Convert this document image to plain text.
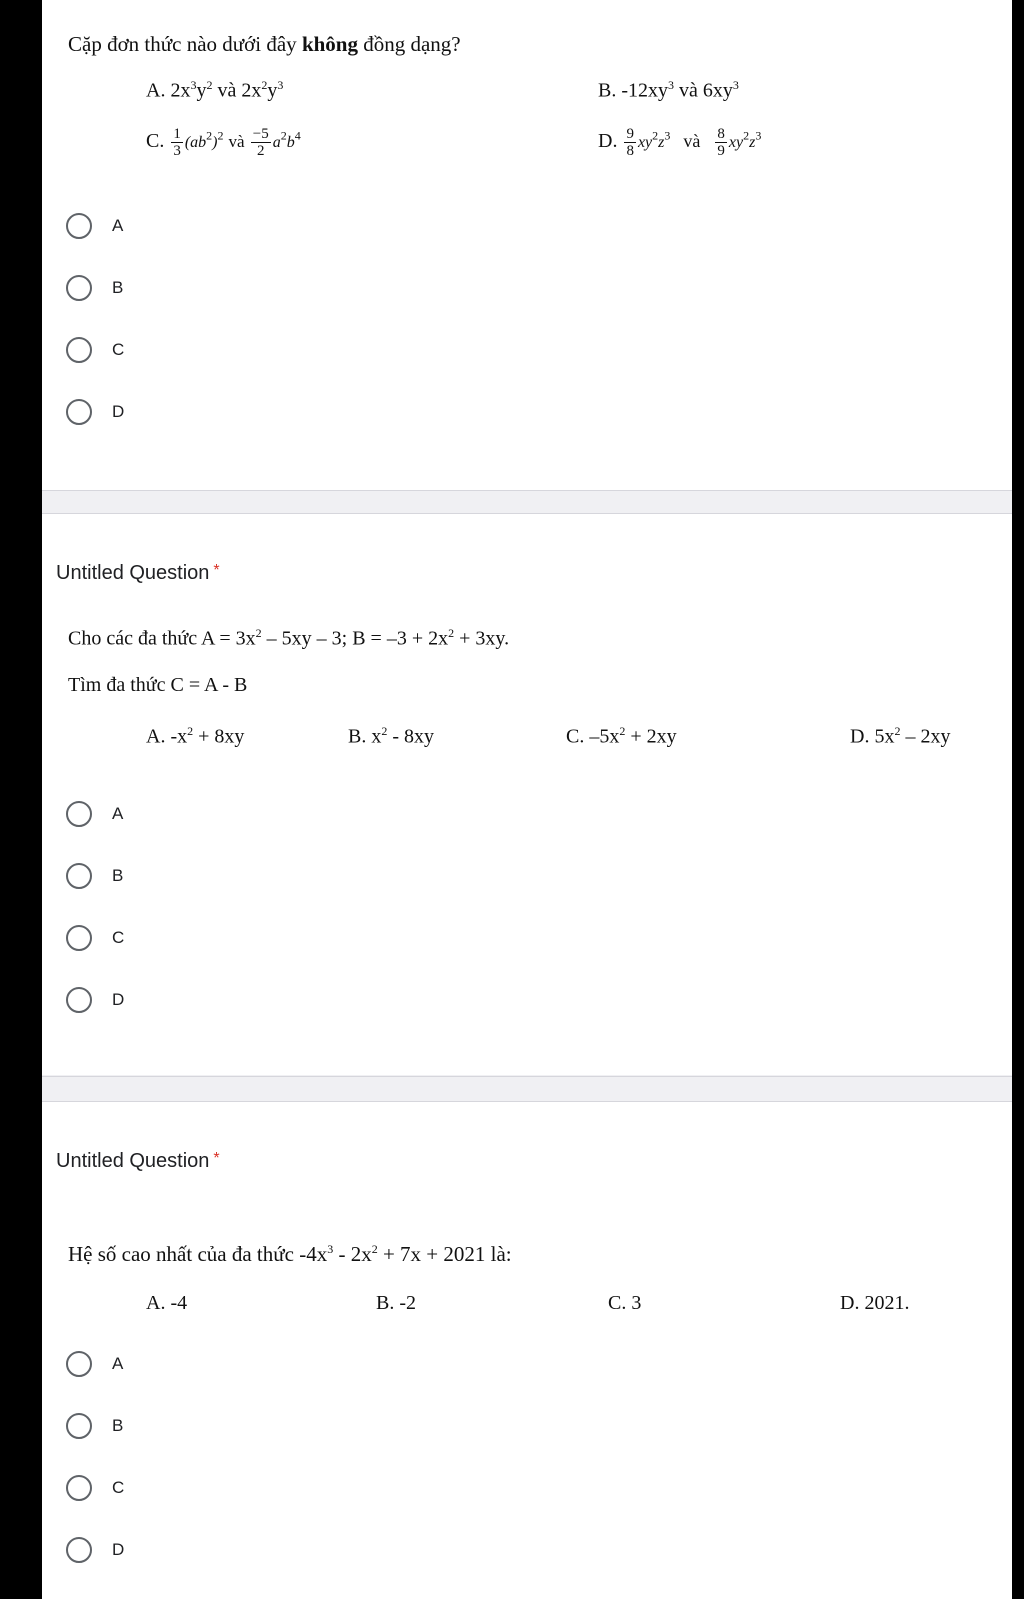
Cặp đơn thức nào dưới đây không đồng dạng?
A. $2x^3y^2$ và $2x^2y^3$	B. $-12xy^3$ và $6xy^3$
C. $\frac{1}{3} (ab^2)^2$ và $\frac{-5}{2} a^2b^4$	D. $\frac{9}{8} xy^2z^3$ và $\frac{8}{9} xy^2z^3$
A
B
C
D
Untitled Question *
Cho các đa thức $A = 3x^2 - 5xy - 3$; $B = -3 + 2x^2 + 3xy$.
Tìm đa thức C = A - B
A. $-x^2 + 8xy$	B. $x^2 - 8xy$	C. $-5x^2 + 2xy$	D. $5x^2 - 2xy$
A
B
C
D
Untitled Question *
Hệ số cao nhất của đa thức $-4x^3 - 2x^2 + 7x + 2021$ là:
A. -4	B. -2	C. 3	D. 2021.
A
B
C
D
